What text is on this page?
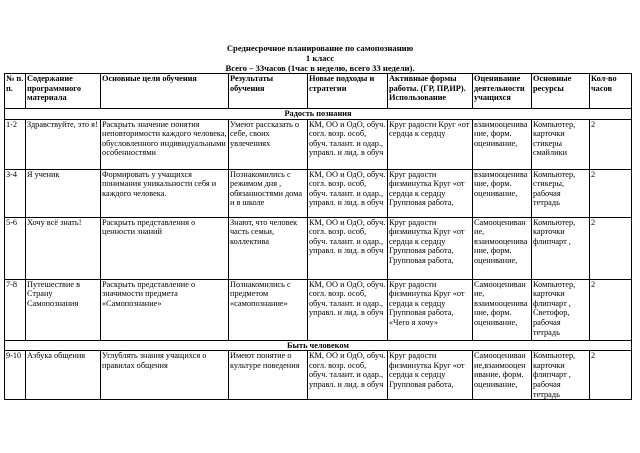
Среднесрочное планирование по самопознанию
1 класс
Всего – 33часов (1час в неделю, всего 33 недели).
№ п. п.	Содержание программного материала	Основные цели обучения	Результаты обучения	Новые подходы и стратегии	Активные формы работы. (ГР, ПР,ИР). Использование	Оценивание деятельности учащихся	Основные ресурсы	Кол-во часов
Радость познания								
1-2	Здравствуйте, это я!	Раскрыть значение понятия неповторимости каждого человека, обусловленного индивидуальными особенностями	Умеют рассказать о себе, своих увлечениях	КМ, ОО и ОдО, обуч. согл. возр. особ, обуч. талант. и одар., управл. и лид. в обуч	Круг радости Круг «от сердца к сердцу	взаимооценивание, форм. оценивание,	Компьютер, карточки стикеры смайлики	2
3-4	Я ученик	Формировать у учащихся понимания уникальности себя и каждого человека.	Познакомились с режимом дня , обязанностями дома и в школе	КМ, ОО и ОдО, обуч. согл. возр. особ, обуч. талант. и одар., управл. и лид. в обуч	Круг радости физминутка Круг «от сердца к сердцу Групповая работа,	взаимооценивание, форм. оценивание,	Компьютер, стикеры, рабочая тетрадь	2
5-6	Хочу всё знать!	Раскрыть представления о ценности знаний	Знают, что человек часть семьи, коллектива	КМ, ОО и ОдО, обуч. согл. возр. особ, обуч. талант. и одар., управл. и лид. в обуч	Круг радости физминутка Круг «от сердца к сердцу Групповая работа, Групповая работа,	Самооценивание, взаимооценивание, форм. оценивание,	Компьютер, карточки флипчарт ,	2
7-8	Путешествие в Страну Самопознания	Раскрыть представление о значимости предмета «Самопознание»	Познакомились с предметом «самопознание»	КМ, ОО и ОдО, обуч. согл. возр. особ, обуч. талант. и одар., управл. и лид. в обуч	Круг радости физминутка Круг «от сердца к сердцу Групповая работа, «Чего я хочу»	Самооценивание, взаимооценивание, форм. оценивание,	Компьютер, карточки флипчарт , Светофор, рабочая тетрадь	2
Быть человеком								
9-10	Азбука общения	Углублять знания учащихся о правилах общения	Имеют понятие о культуре поведения	КМ, ОО и ОдО, обуч. согл. возр. особ, обуч. талант. и одар., управл. и лид. в обуч	Круг радости физминутка Круг «от сердца к сердцу Групповая работа,	Самооценивание,взаимооценивание, форм. оценивание,	Компьютер, карточки флипчарт , рабочая тетрадь	2
